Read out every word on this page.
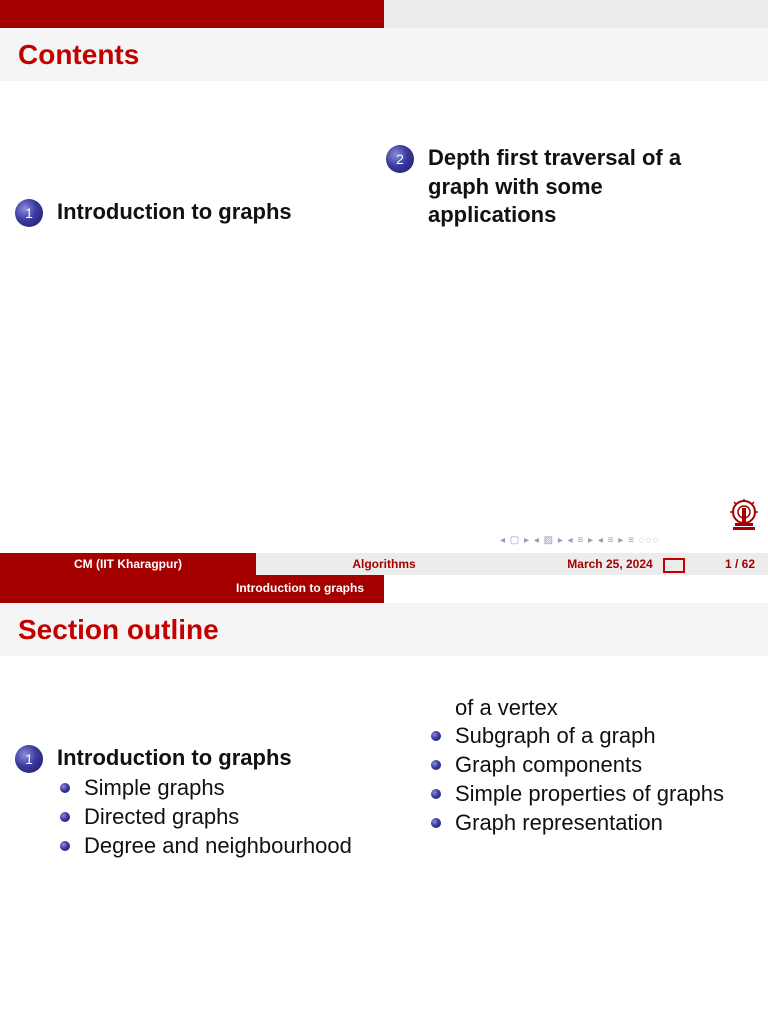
Contents
1	Introduction to graphs
2	Depth first traversal of a
graph with some
applications
◂ ▢ ▸ ◂ ▨ ▸ ◂ ≡ ▸ ◂ ≡ ▸ ≡ ◌◌◌
CM (IIT Kharagpur)	Algorithms	March 25, 2024	1 / 62
Introduction to graphs
Section outline
1	Introduction to graphs
Simple graphs
Directed graphs
Degree and neighbourhood
of a vertex
Subgraph of a graph
Graph components
Simple properties of graphs
Graph representation
